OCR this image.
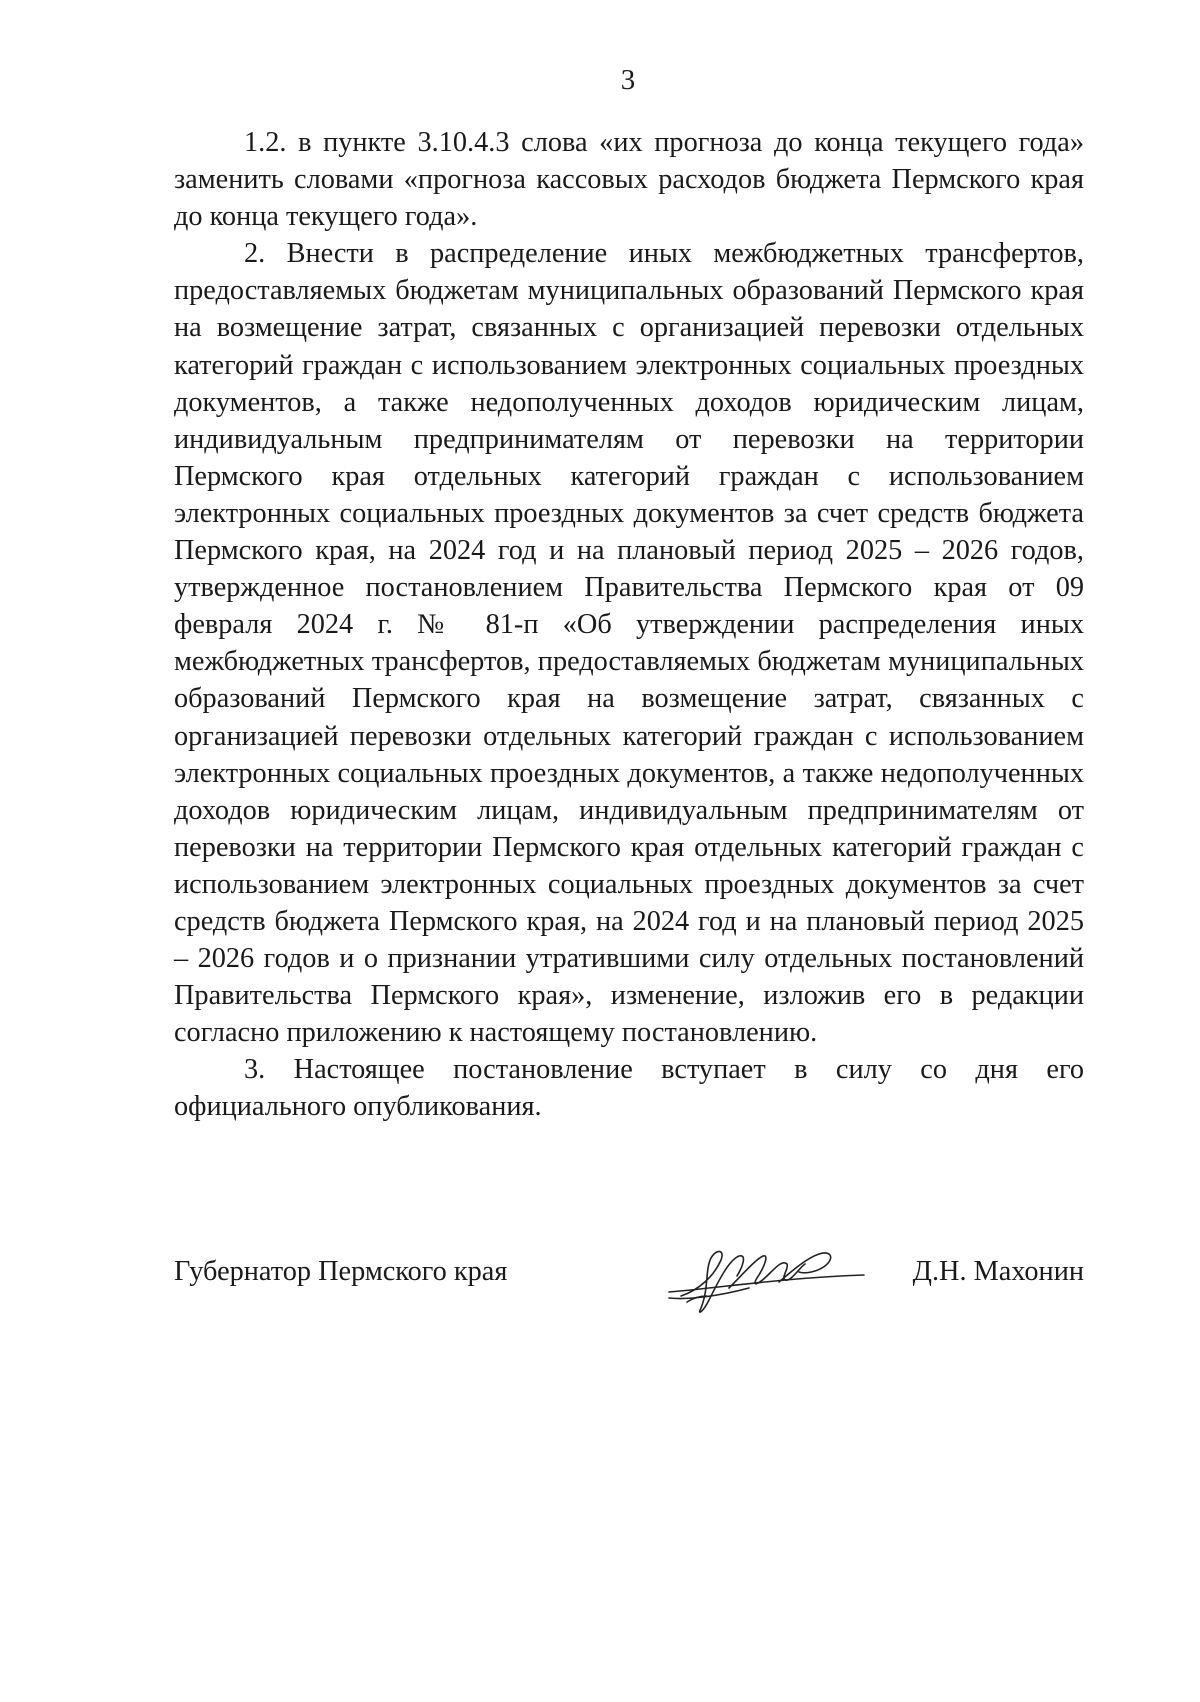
3

1.2. в пункте 3.10.4.3 слова «их прогноза до конца текущего года» заменить словами «прогноза кассовых расходов бюджета Пермского края до конца текущего года».

2. Внести в распределение иных межбюджетных трансфертов, предоставляемых бюджетам муниципальных образований Пермского края на возмещение затрат, связанных с организацией перевозки отдельных категорий граждан с использованием электронных социальных проездных документов, а также недополученных доходов юридическим лицам, индивидуальным предпринимателям от перевозки на территории Пермского края отдельных категорий граждан с использованием электронных социальных проездных документов за счет средств бюджета Пермского края, на 2024 год и на плановый период 2025 – 2026 годов, утвержденное постановлением Правительства Пермского края от 09 февраля 2024 г. № 81-п «Об утверждении распределения иных межбюджетных трансфертов, предоставляемых бюджетам муниципальных образований Пермского края на возмещение затрат, связанных с организацией перевозки отдельных категорий граждан с использованием электронных социальных проездных документов, а также недополученных доходов юридическим лицам, индивидуальным предпринимателям от перевозки на территории Пермского края отдельных категорий граждан с использованием электронных социальных проездных документов за счет средств бюджета Пермского края, на 2024 год и на плановый период 2025 – 2026 годов и о признании утратившими силу отдельных постановлений Правительства Пермского края», изменение, изложив его в редакции согласно приложению к настоящему постановлению.

3. Настоящее постановление вступает в силу со дня его официального опубликования.

Губернатор Пермского края	Д.Н. Махонин
